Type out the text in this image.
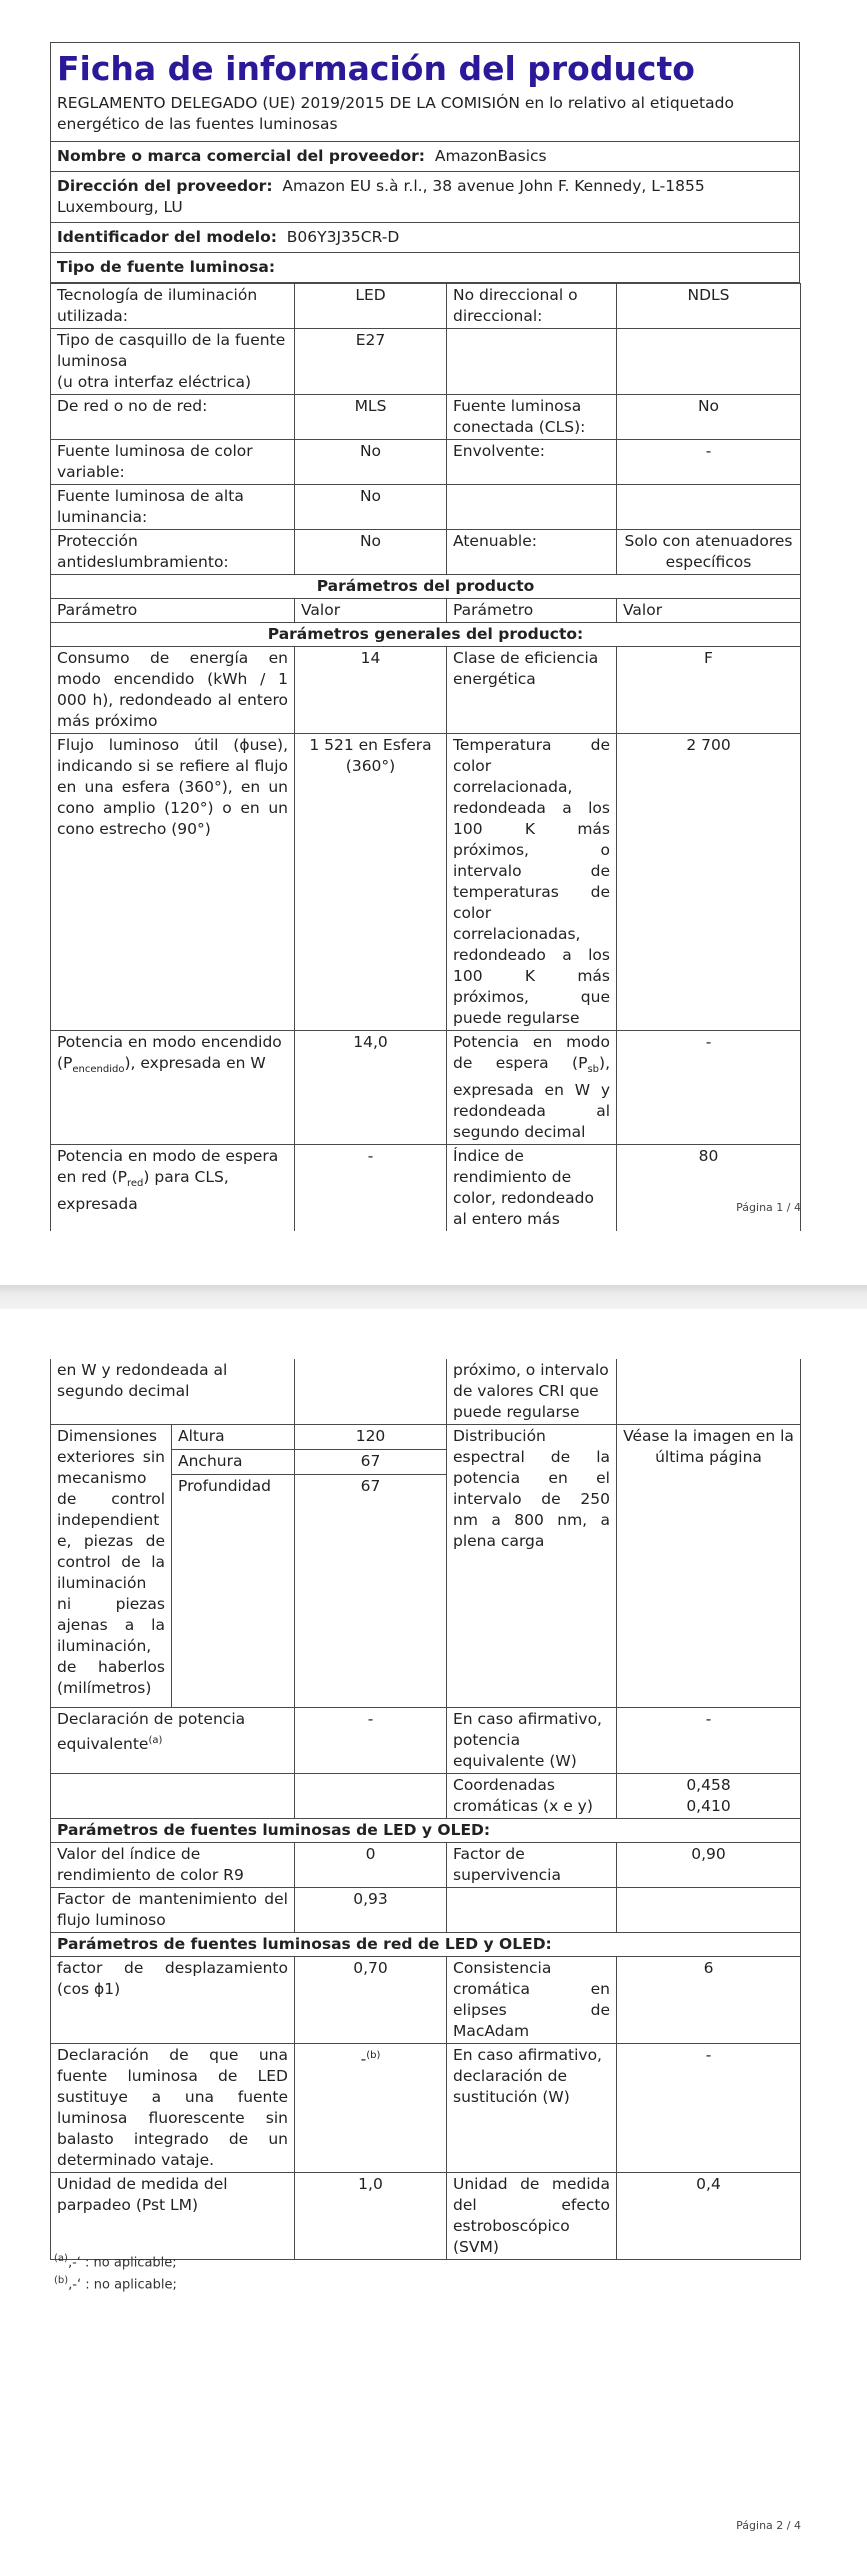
Ficha de información del producto
REGLAMENTO DELEGADO (UE) 2019/2015 DE LA COMISIÓN en lo relativo al etiquetado energético de las fuentes luminosas
Nombre o marca comercial del proveedor: AmazonBasics
Dirección del proveedor: Amazon EU s.à r.l., 38 avenue John F. Kennedy, L-1855 Luxembourg, LU
Identificador del modelo: B06Y3J35CR-D
Tipo de fuente luminosa:
Tecnología de iluminación utilizada:	LED	No direccional o direccional:	NDLS

Tipo de casquillo de la fuente luminosa
(u otra interfaz eléctrica)	E27		
De red o no de red:	MLS	Fuente luminosa conectada (CLS):	No
Fuente luminosa de color variable:	No	Envolvente:	-
Fuente luminosa de alta luminancia:	No		
Protección antideslumbramiento:	No	Atenuable:	Solo con atenuadores específicos
Parámetros del producto			
Parámetro	Valor	Parámetro	Valor
Parámetros generales del producto:			
Consumo de energía en modo encendido (kWh / 1 000 h), redondeado al entero más próximo	14	Clase de eficiencia energética	F
Flujo luminoso útil (ϕuse), indicando si se refiere al flujo en una esfera (360°), en un cono amplio (120°) o en un cono estrecho (90°)	1 521 en Esfera (360°)	Temperatura de color correlacionada, redondeada a los 100 K más próximos, o intervalo de temperaturas de color correlacionadas, redondeado a los 100 K más próximos, que puede regularse	2 700
Potencia en modo encendido $(P_{encendido})$, expresada en W	14,0	Potencia en modo de espera $(P_{sb})$, expresada en W y redondeada al segundo decimal	-
Potencia en modo de espera en red $(P_{red})$ para CLS, expresada	-	Índice de rendimiento de color, redondeado al entero más	80
Página 1 / 4
en W y redondeada al segundo decimal			próximo, o intervalo de valores CRI que puede regularse	
Dimensiones exteriores sin mecanismo de control independiente, piezas de control de la iluminación ni piezas ajenas a la iluminación, de haberlos (milímetros)	Altura	120	Distribución espectral de la potencia en el intervalo de 250 nm a 800 nm, a plena carga	Véase la imagen en la última página
	Anchura	67		
	Profundidad	67		
Declaración de potencia equivalente$^{(a)}$		-	En caso afirmativo, potencia equivalente (W)	-
			Coordenadas cromáticas (x e y)	0,458
0,410

Parámetros de fuentes luminosas de LED y OLED:				
Valor del índice de rendimiento de color R9		0	Factor de supervivencia	0,90
Factor de mantenimiento del flujo luminoso		0,93		
Parámetros de fuentes luminosas de red de LED y OLED:				
factor de desplazamiento (cos ϕ1)		0,70	Consistencia cromática en elipses de MacAdam	6
Declaración de que una fuente luminosa de LED sustituye a una fuente luminosa fluorescente sin balasto integrado de un determinado vataje.		-$^{(b)}$	En caso afirmativo, declaración de sustitución (W)	-
Unidad de medida del parpadeo (Pst LM)		1,0	Unidad de medida del efecto estroboscópico (SVM)	0,4
$^{(a)}$‚-‘ : no aplicable;
$^{(b)}$‚-‘ : no aplicable;
Página 2 / 4
